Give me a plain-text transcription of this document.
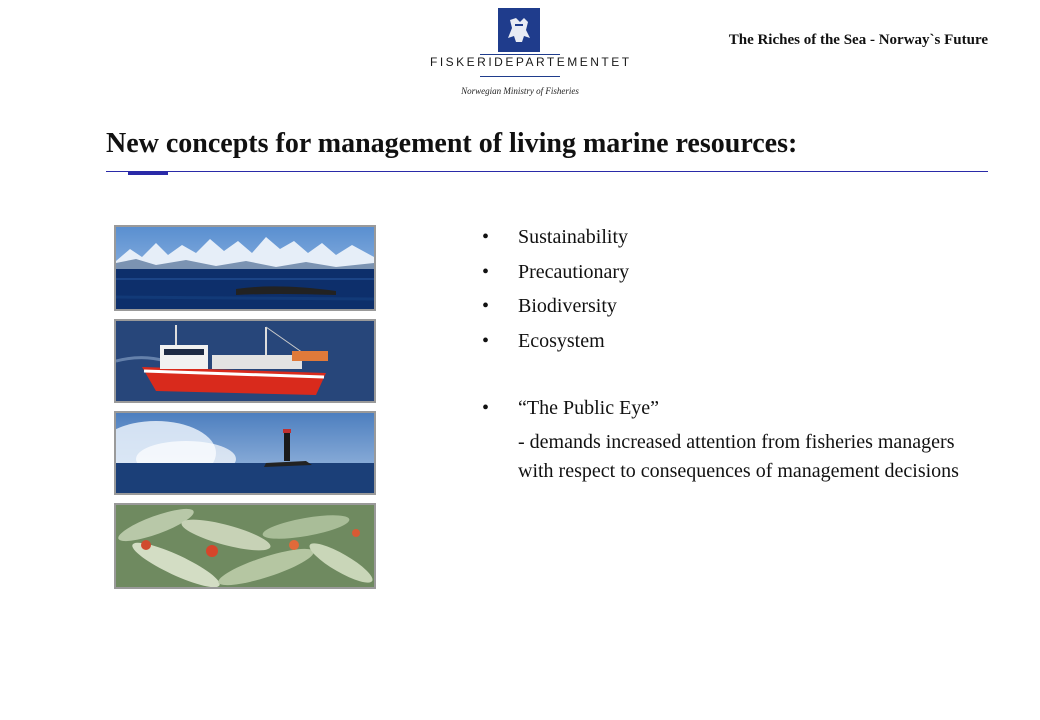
FISKERIDEPARTEMENTET
Norwegian Ministry of Fisheries
The Riches of the Sea - Norway`s Future
New concepts for management of living marine resources:
• Sustainability
• Precautionary
• Biodiversity
• Ecosystem
• “The Public Eye”
- demands increased attention from fisheries managers with respect to consequences of management decisions
